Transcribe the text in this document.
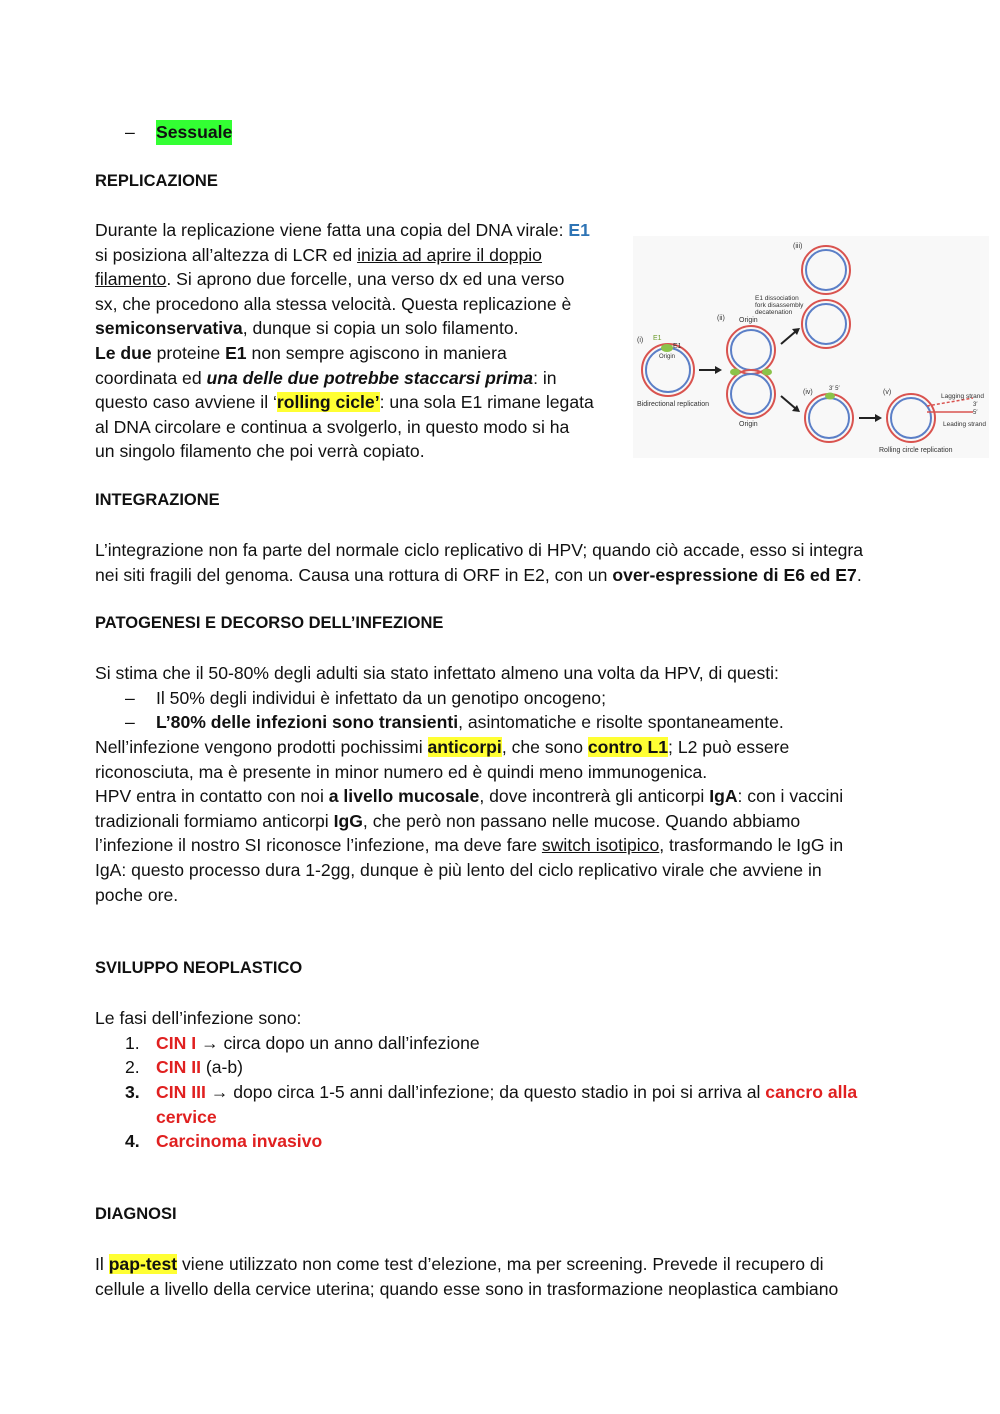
– Sessuale
REPLICAZIONE
Durante la replicazione viene fatta una copia del DNA virale: E1
si posiziona all’altezza di LCR ed inizia ad aprire il doppio
filamento. Si aprono due forcelle, una verso dx ed una verso
sx, che procedono alla stessa velocità. Questa replicazione è
semiconservativa, dunque si copia un solo filamento.
Le due proteine E1 non sempre agiscono in maniera
coordinata ed una delle due potrebbe staccarsi prima: in
questo caso avviene il ‘rolling cicle’: una sola E1 rimane legata
al DNA circolare e continua a svolgerlo, in questo modo si ha
un singolo filamento che poi verrà copiato.
(i) E1
E1
Origin
Bidirectional replication
(ii) Origin
Origin
(iii)
E1 dissociation
fork disassembly
decatenation
(iv)	3′ 5′	(v)
Lagging strand
3′
5′
Leading strand
Rolling circle replication
INTEGRAZIONE
L’integrazione non fa parte del normale ciclo replicativo di HPV; quando ciò accade, esso si integra
nei siti fragili del genoma. Causa una rottura di ORF in E2, con un over-espressione di E6 ed E7.
PATOGENESI E DECORSO DELL’INFEZIONE
Si stima che il 50-80% degli adulti sia stato infettato almeno una volta da HPV, di questi:
– Il 50% degli individui è infettato da un genotipo oncogeno;
– L’80% delle infezioni sono transienti, asintomatiche e risolte spontaneamente.
Nell’infezione vengono prodotti pochissimi anticorpi, che sono contro L1; L2 può essere
riconosciuta, ma è presente in minor numero ed è quindi meno immunogenica.
HPV entra in contatto con noi a livello mucosale, dove incontrerà gli anticorpi IgA: con i vaccini
tradizionali formiamo anticorpi IgG, che però non passano nelle mucose. Quando abbiamo
l’infezione il nostro SI riconosce l’infezione, ma deve fare switch isotipico, trasformando le IgG in
IgA: questo processo dura 1-2gg, dunque è più lento del ciclo replicativo virale che avviene in
poche ore.
SVILUPPO NEOPLASTICO
Le fasi dell’infezione sono:
1. CIN I → circa dopo un anno dall’infezione
2. CIN II (a-b)
3. CIN III → dopo circa 1-5 anni dall’infezione; da questo stadio in poi si arriva al cancro alla
cervice
4. Carcinoma invasivo
DIAGNOSI
Il pap-test viene utilizzato non come test d’elezione, ma per screening. Prevede il recupero di
cellule a livello della cervice uterina; quando esse sono in trasformazione neoplastica cambiano
